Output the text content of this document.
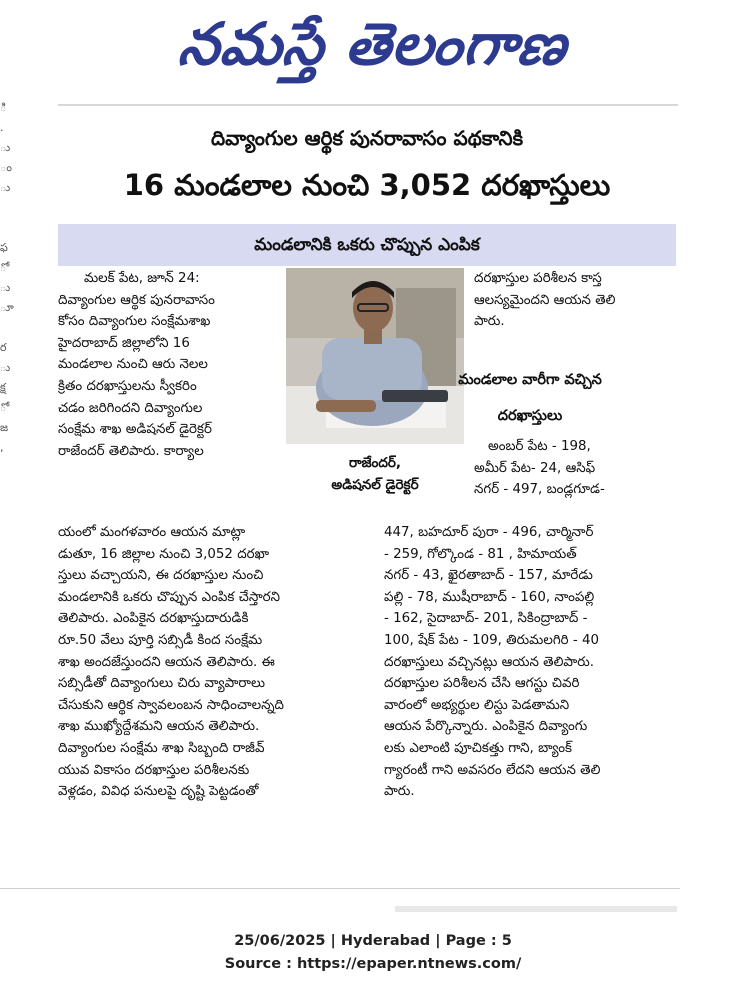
నమస్తే తెలంగాణ
ి
.
ు
ం
ు

ఫ
ో
ు
ూ

ర
ు
క్ష
ో
జ
,
దివ్యాంగుల ఆర్థిక పునరావాసం పథకానికి
16 మండలాల నుంచి 3,052 దరఖాస్తులు
మండలానికి ఒకరు చొప్పున ఎంపిక

మలక్ పేట, జూన్ 24:

దివ్యాంగుల ఆర్థిక పునరావాసం

కోసం దివ్యాంగుల సంక్షేమశాఖ

హైదరాబాద్ జిల్లాలోని 16

మండలాల నుంచి ఆరు నెలల

క్రితం దరఖాస్తులను స్వీకరిం

చడం జరిగిందని దివ్యాంగుల

సంక్షేమ శాఖ అడిషనల్ డైరెక్టర్

రాజేందర్ తెలిపారు. కార్యాల

రాజేందర్,
అడిషనల్ డైరెక్టర్

యంలో మంగళవారం ఆయన మాట్లా

డుతూ, 16 జిల్లాల నుంచి 3,052 దరఖా

స్తులు వచ్చాయని, ఈ దరఖాస్తుల నుంచి

మండలానికి ఒకరు చొప్పున ఎంపిక చేస్తారని

తెలిపారు. ఎంపికైన దరఖాస్తుదారుడికి

రూ.50 వేలు పూర్తి సబ్సిడీ కింద సంక్షేమ

శాఖ అందజేస్తుందని ఆయన తెలిపారు. ఈ

సబ్సిడీతో దివ్యాంగులు చిరు వ్యాపారాలు

చేసుకుని ఆర్థిక స్వావలంబన సాధించాలన్నది

శాఖ ముఖ్యోద్దేశమని ఆయన తెలిపారు.

దివ్యాంగుల సంక్షేమ శాఖ సిబ్బంది రాజీవ్

యువ వికాసం దరఖాస్తుల పరిశీలనకు

వెళ్లడం, వివిధ పనులపై దృష్టి పెట్టడంతో

దరఖాస్తుల పరిశీలన కాస్త

ఆలస్యమైందని ఆయన తెలి

పారు.

మండలాల వారీగా వచ్చిన
దరఖాస్తులు

అంబర్ పేట - 198,

అమీర్ పేట- 24, ఆసిఫ్

నగర్ - 497, బండ్లగూడ-

447, బహదూర్ పురా - 496, చార్మినార్

- 259, గోల్కొండ - 81 , హిమాయత్

నగర్ - 43, ఖైరతాబాద్ - 157, మారేడు

పల్లి - 78, ముషీరాబాద్ - 160, నాంపల్లి

- 162, సైదాబాద్- 201, సికింద్రాబాద్ -

100, షేక్ పేట - 109, తిరుమలగిరి - 40

దరఖాస్తులు వచ్చినట్లు ఆయన తెలిపారు.

దరఖాస్తుల పరిశీలన చేసి ఆగస్టు చివరి

వారంలో అభ్యర్థుల లిస్టు పెడతామని

ఆయన పేర్కొన్నారు. ఎంపికైన దివ్యాంగు

లకు ఎలాంటి పూచికత్తు గాని, బ్యాంక్

గ్యారంటీ గాని అవసరం లేదని ఆయన తెలి

పారు.

25/06/2025 | Hyderabad | Page : 5
Source : https://epaper.ntnews.com/
